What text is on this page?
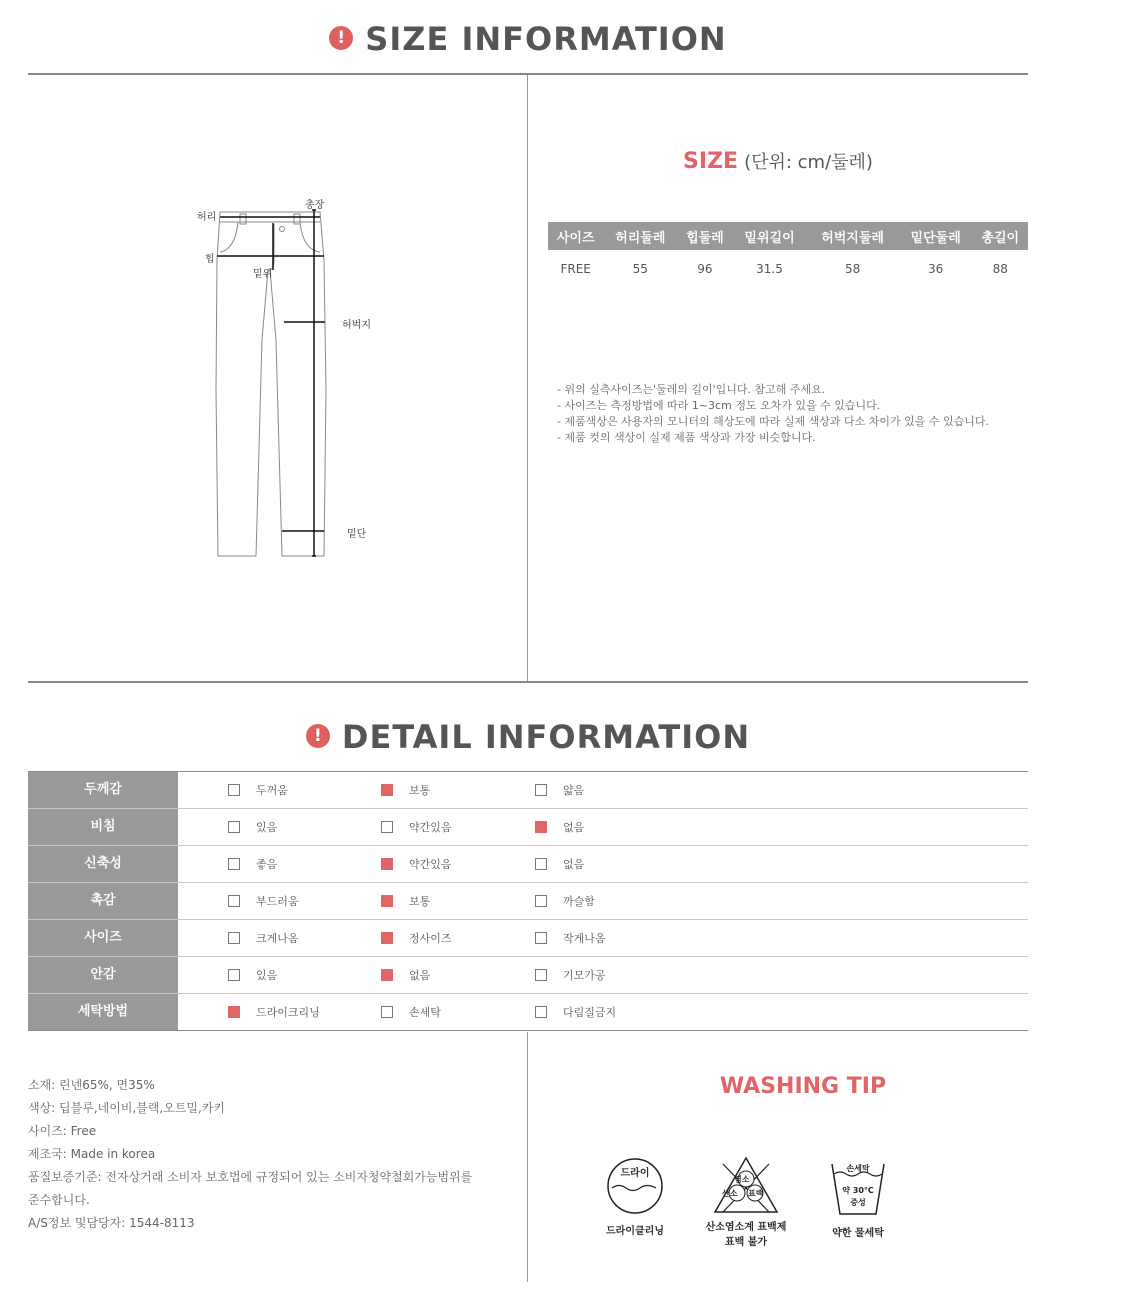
! SIZE INFORMATION
총장
허리
힙
밑위
허벅지
밑단
SIZE (단위: cm/둘레)
사이즈	허리둘레	힙둘레	밑위길이	허벅지둘레	밑단둘레	총길이
FREE	55	96	31.5	58	36	88
- 위의 실측사이즈는'둘레의 길이'입니다. 참고해 주세요.
- 사이즈는 측정방법에 따라 1~3cm 정도 오차가 있을 수 있습니다.
- 제품색상은 사용자의 모니터의 해상도에 따라 실제 색상과 다소 차이가 있을 수 있습니다.
- 제품 컷의 색상이 실제 제품 색상과 가장 비슷합니다.
! DETAIL INFORMATION
두께감	두꺼움	보통	얇음
비침	있음	약간있음	없음
신축성	좋음	약간있음	없음
촉감	부드러움	보통	까슬함
사이즈	크게나옴	정사이즈	작게나옴
안감	있음	없음	기모가공
세탁방법	드라이크리닝	손세탁	다림질금지
소재: 린넨65%, 면35%
색상: 딥블루,네이비,블랙,오트밀,카키
사이즈: Free
제조국: Made in korea
품질보증기준: 전자상거래 소비자 보호법에 규정되어 있는 소비자청약철회가능범위를
준수합니다.
A/S정보 및담당자: 1544-8113
WASHING TIP
드라이
드라이클리닝
염소
산소 표백
산소염소계 표백제
표백 불가
손세탁
약 30°C
중성
약한 물세탁
